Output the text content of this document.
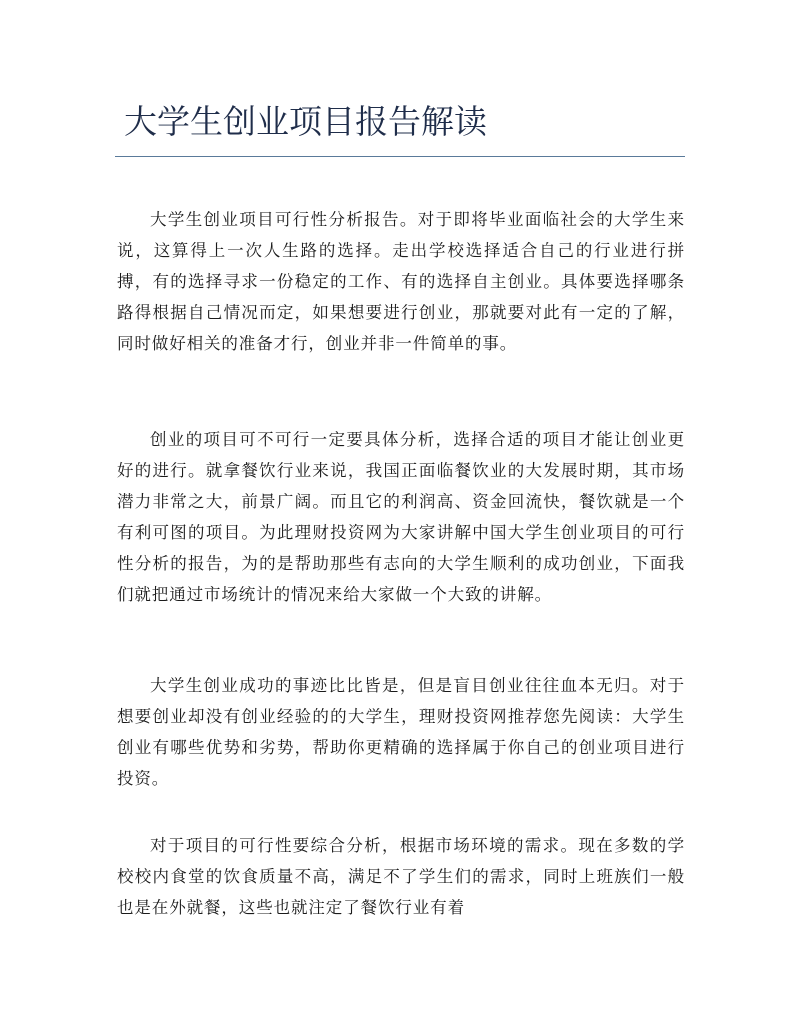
大学生创业项目报告解读

大学生创业项目可行性分析报告。对于即将毕业面临社会的大学生来说，这算得上一次人生路的选择。走出学校选择适合自己的行业进行拼搏，有的选择寻求一份稳定的工作、有的选择自主创业。具体要选择哪条路得根据自己情况而定，如果想要进行创业，那就要对此有一定的了解，同时做好相关的准备才行，创业并非一件简单的事。

创业的项目可不可行一定要具体分析，选择合适的项目才能让创业更好的进行。就拿餐饮行业来说，我国正面临餐饮业的大发展时期，其市场潜力非常之大，前景广阔。而且它的利润高、资金回流快，餐饮就是一个有利可图的项目。为此理财投资网为大家讲解中国大学生创业项目的可行性分析的报告，为的是帮助那些有志向的大学生顺利的成功创业，下面我们就把通过市场统计的情况来给大家做一个大致的讲解。

大学生创业成功的事迹比比皆是，但是盲目创业往往血本无归。对于想要创业却没有创业经验的的大学生，理财投资网推荐您先阅读：大学生创业有哪些优势和劣势，帮助你更精确的选择属于你自己的创业项目进行投资。

对于项目的可行性要综合分析，根据市场环境的需求。现在多数的学校校内食堂的饮食质量不高，满足不了学生们的需求，同时上班族们一般也是在外就餐，这些也就注定了餐饮行业有着
